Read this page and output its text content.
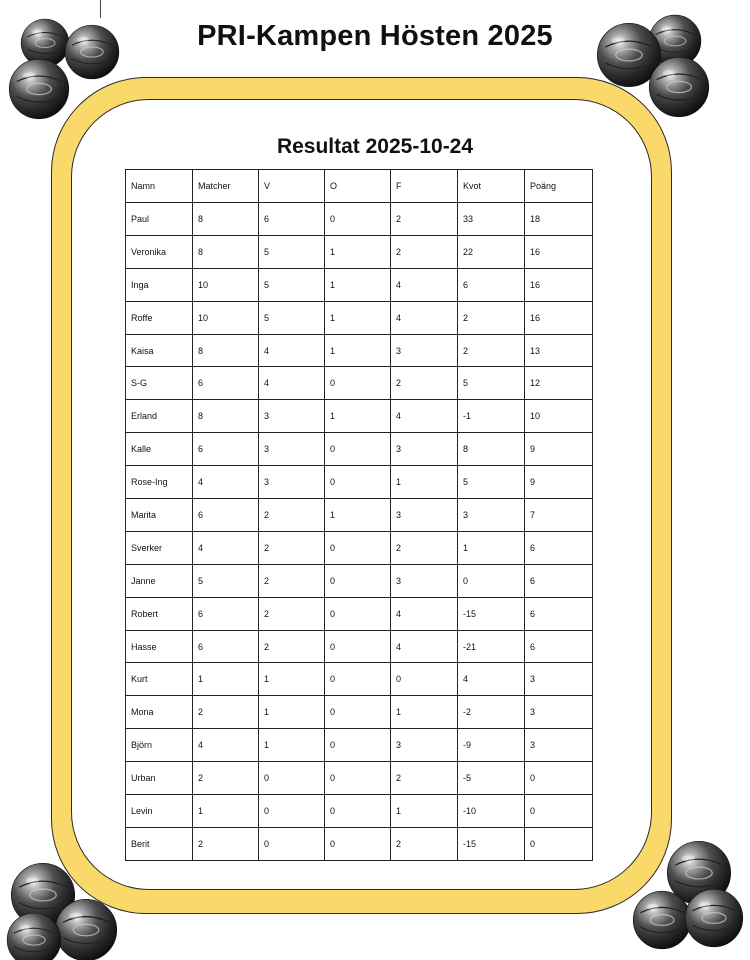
PRI-Kampen Hösten 2025
Resultat 2025-10-24
Namn	Matcher	V	O	F	Kvot	Poäng
Paul	8	6	0	2	33	18
Veronika	8	5	1	2	22	16
Inga	10	5	1	4	6	16
Roffe	10	5	1	4	2	16
Kaisa	8	4	1	3	2	13
S-G	6	4	0	2	5	12
Erland	8	3	1	4	-1	10
Kalle	6	3	0	3	8	9
Rose-Ing	4	3	0	1	5	9
Marita	6	2	1	3	3	7
Sverker	4	2	0	2	1	6
Janne	5	2	0	3	0	6
Robert	6	2	0	4	-15	6
Hasse	6	2	0	4	-21	6
Kurt	1	1	0	0	4	3
Mona	2	1	0	1	-2	3
Björn	4	1	0	3	-9	3
Urban	2	0	0	2	-5	0
Levin	1	0	0	1	-10	0
Berit	2	0	0	2	-15	0
